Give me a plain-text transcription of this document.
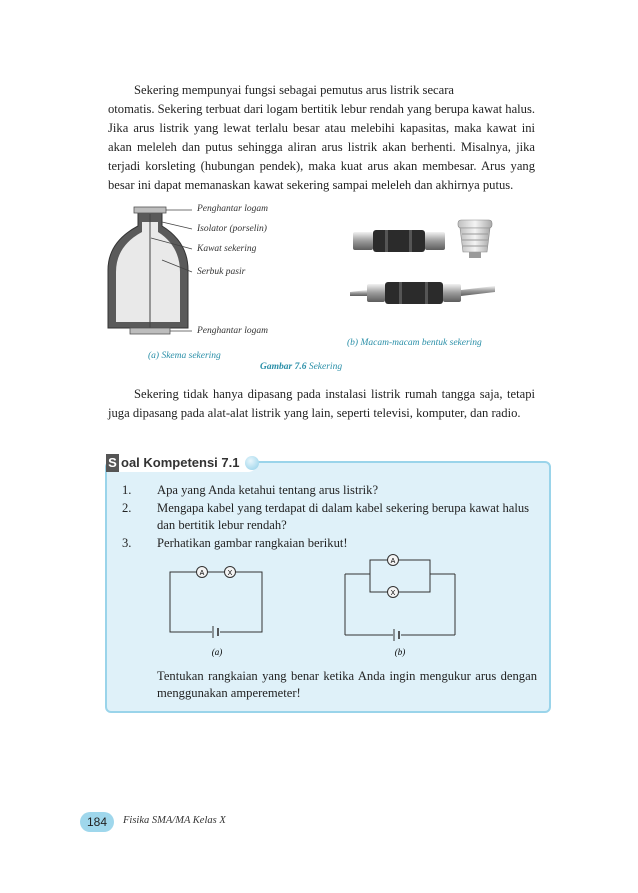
Sekering mempunyai fungsi sebagai pemutus arus listrik secara

otomatis. Sekering terbuat dari logam bertitik lebur rendah yang berupa kawat halus. Jika arus listrik yang lewat terlalu besar atau melebihi kapasitas, maka kawat ini akan meleleh dan putus sehingga aliran arus listrik akan berhenti. Misalnya, jika terjadi korsleting (hubungan pendek), maka kuat arus akan membesar. Arus yang besar ini dapat memanaskan kawat sekering sampai meleleh dan akhirnya putus.

Penghantar logam
Isolator (porselin)
Kawat sekering
Serbuk pasir
Penghantar logam
(b) Macam-macam bentuk sekering
(a) Skema sekering
Gambar 7.6 Sekering

Sekering tidak hanya dipasang pada instalasi listrik rumah tangga saja, tetapi juga dipasang pada alat-alat listrik yang lain, seperti televisi, komputer, dan radio.

S oal Kompetensi 7.1
1. Apa yang Anda ketahui tentang arus listrik?
2. Mengapa kabel yang terdapat di dalam kabel sekering berupa kawat halus dan bertitik lebur rendah?
3. Perhatikan gambar rangkaian berikut!
A	X
(a)
A
X
(b)
Tentukan rangkaian yang benar ketika Anda ingin mengukur arus dengan menggunakan amperemeter!
184	Fisika SMA/MA Kelas X
